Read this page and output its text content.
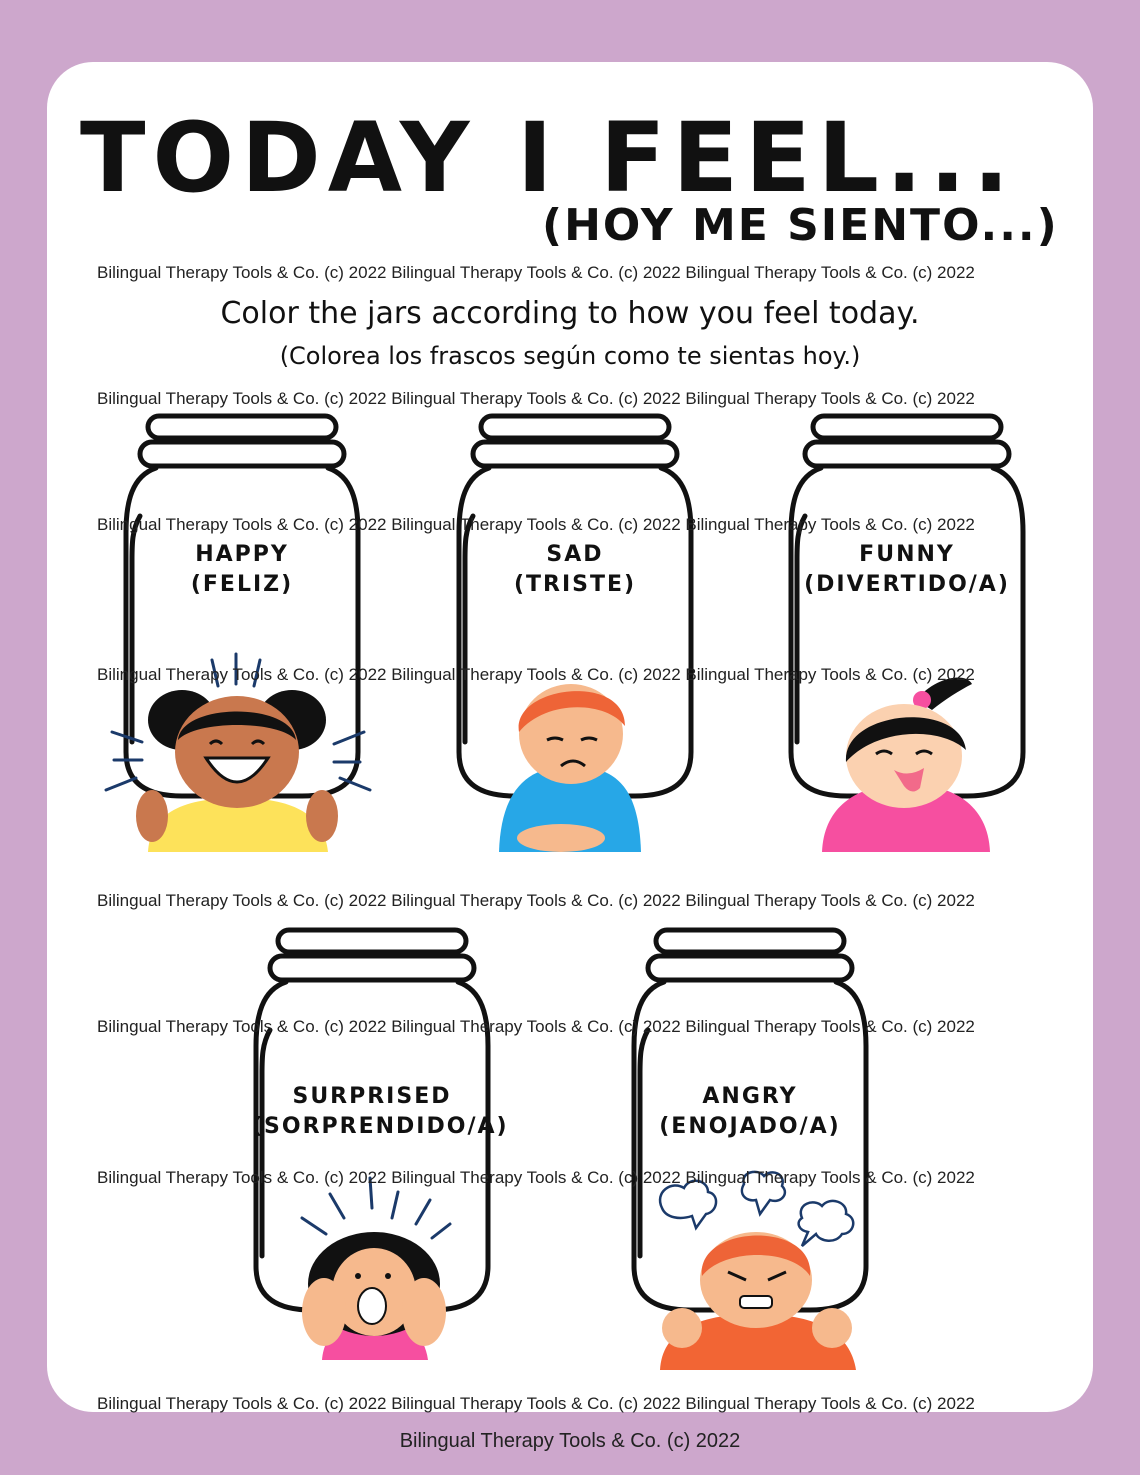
TODAY I FEEL...
(HOY ME SIENTO...)
Bilingual Therapy Tools & Co. (c) 2022 Bilingual Therapy Tools & Co. (c) 2022 Bilingual Therapy Tools & Co. (c) 2022

Color the jars according to how you feel today.

(Colorea los frascos según como te sientas hoy.)

Bilingual Therapy Tools & Co. (c) 2022 Bilingual Therapy Tools & Co. (c) 2022 Bilingual Therapy Tools & Co. (c) 2022
Bilingual Therapy Tools & Co. (c) 2022 Bilingual Therapy Tools & Co. (c) 2022 Bilingual Therapy Tools & Co. (c) 2022
Bilingual Therapy Tools & Co. (c) 2022 Bilingual Therapy Tools & Co. (c) 2022 Bilingual Therapy Tools & Co. (c) 2022
Bilingual Therapy Tools & Co. (c) 2022 Bilingual Therapy Tools & Co. (c) 2022 Bilingual Therapy Tools & Co. (c) 2022
Bilingual Therapy Tools & Co. (c) 2022 Bilingual Therapy Tools & Co. (c) 2022 Bilingual Therapy Tools & Co. (c) 2022
Bilingual Therapy Tools & Co. (c) 2022 Bilingual Therapy Tools & Co. (c) 2022 Bilingual Therapy Tools & Co. (c) 2022
Bilingual Therapy Tools & Co. (c) 2022 Bilingual Therapy Tools & Co. (c) 2022 Bilingual Therapy Tools & Co. (c) 2022
HAPPY
(FELIZ)
SAD
(TRISTE)
FUNNY
(DIVERTIDO/A)
SURPRISED
(SORPRENDIDO/A)
ANGRY
(ENOJADO/A)
Bilingual Therapy Tools & Co. (c) 2022
